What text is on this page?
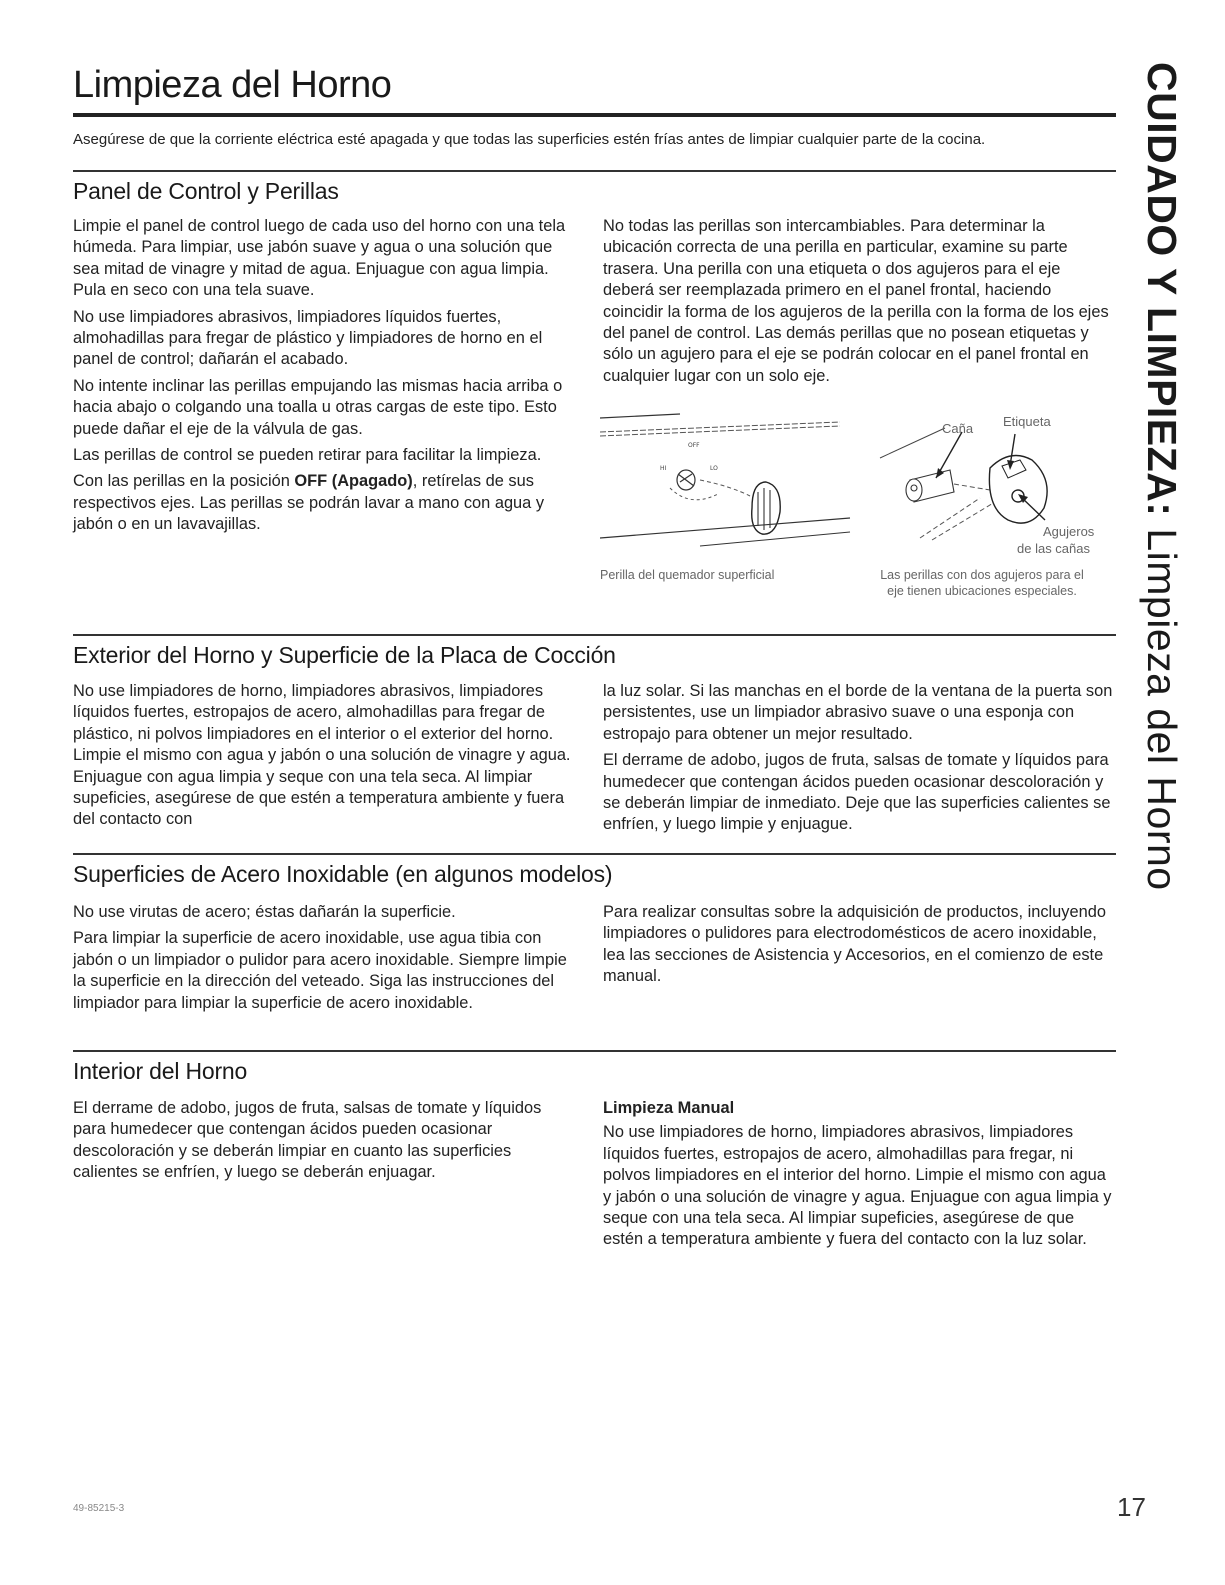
Limpieza del Horno

Asegúrese de que la corriente eléctrica esté apagada y que todas las superficies estén frías antes de limpiar cualquier parte de la cocina.

Panel de Control y Perillas

Limpie el panel de control luego de cada uso del horno con una tela húmeda. Para limpiar, use jabón suave y agua o una solución que sea mitad de vinagre y mitad de agua. Enjuague con agua limpia. Pula en seco con una tela suave.

No use limpiadores abrasivos, limpiadores líquidos fuertes, almohadillas para fregar de plástico y limpiadores de horno en el panel de control; dañarán el acabado.

No intente inclinar las perillas empujando las mismas hacia arriba o hacia abajo o colgando una toalla u otras cargas de este tipo. Esto puede dañar el eje de la válvula de gas.

Las perillas de control se pueden retirar para facilitar la limpieza.

Con las perillas en la posición OFF (Apagado), retírelas de sus respectivos ejes. Las perillas se podrán lavar a mano con agua y jabón o en un lavavajillas.

No todas las perillas son intercambiables. Para determinar la ubicación correcta de una perilla en particular, examine su parte trasera. Una perilla con una etiqueta o dos agujeros para el eje deberá ser reemplazada primero en el panel frontal, haciendo coincidir la forma de los agujeros de la perilla con la forma de los ejes del panel de control. Las demás perillas que no posean etiquetas y sólo un agujero para el eje se podrán colocar en el panel frontal en cualquier lugar con un solo eje.

OFF
HI	LO
Perilla del quemador superficial
Caña Etiqueta
Agujeros
de las cañas
Las perillas con dos agujeros para el eje tienen ubicaciones especiales.
Exterior del Horno y Superficie de la Placa de Cocción

No use limpiadores de horno, limpiadores abrasivos, limpiadores líquidos fuertes, estropajos de acero, almohadillas para fregar de plástico, ni polvos limpiadores en el interior o el exterior del horno. Limpie el mismo con agua y jabón o una solución de vinagre y agua. Enjuague con agua limpia y seque con una tela seca. Al limpiar supeficies, asegúrese de que estén a temperatura ambiente y fuera del contacto con

la luz solar. Si las manchas en el borde de la ventana de la puerta son persistentes, use un limpiador abrasivo suave o una esponja con estropajo para obtener un mejor resultado.

El derrame de adobo, jugos de fruta, salsas de tomate y líquidos para humedecer que contengan ácidos pueden ocasionar descoloración y se deberán limpiar de inmediato. Deje que las superficies calientes se enfríen, y luego limpie y enjuague.

Superficies de Acero Inoxidable (en algunos modelos)

No use virutas de acero; éstas dañarán la superficie.

Para limpiar la superficie de acero inoxidable, use agua tibia con jabón o un limpiador o pulidor para acero inoxidable. Siempre limpie la superficie en la dirección del veteado. Siga las instrucciones del limpiador para limpiar la superficie de acero inoxidable.

Para realizar consultas sobre la adquisición de productos, incluyendo limpiadores o pulidores para electrodomésticos de acero inoxidable, lea las secciones de Asistencia y Accesorios, en el comienzo de este manual.

Interior del Horno

El derrame de adobo, jugos de fruta, salsas de tomate y líquidos para humedecer que contengan ácidos pueden ocasionar descoloración y se deberán limpiar en cuanto las superficies calientes se enfríen, y luego se deberán enjuagar.

Limpieza Manual

No use limpiadores de horno, limpiadores abrasivos, limpiadores líquidos fuertes, estropajos de acero, almohadillas para fregar, ni polvos limpiadores en el interior del horno. Limpie el mismo con agua y jabón o una solución de vinagre y agua. Enjuague con agua limpia y seque con una tela seca. Al limpiar supeficies, asegúrese de que estén a temperatura ambiente y fuera del contacto con la luz solar.

CUIDADO Y LIMPIEZA: Limpieza del Horno
49-85215-3	17
